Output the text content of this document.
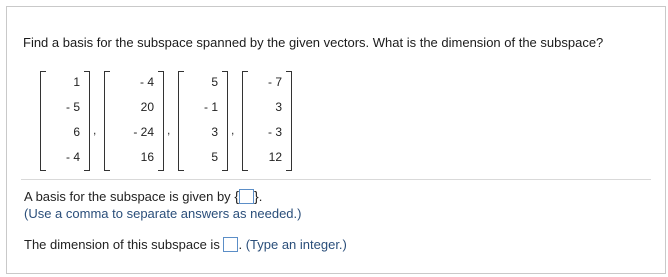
Find a basis for the subspace spanned by the given vectors. What is the dimension of the subspace?
1
- 5
6
- 4
,
- 4
20
- 24
16
,
5
- 1
3
5
,
- 7
3
- 3
12
A basis for the subspace is given by { }.
(Use a comma to separate answers as needed.)
The dimension of this subspace is . (Type an integer.)
